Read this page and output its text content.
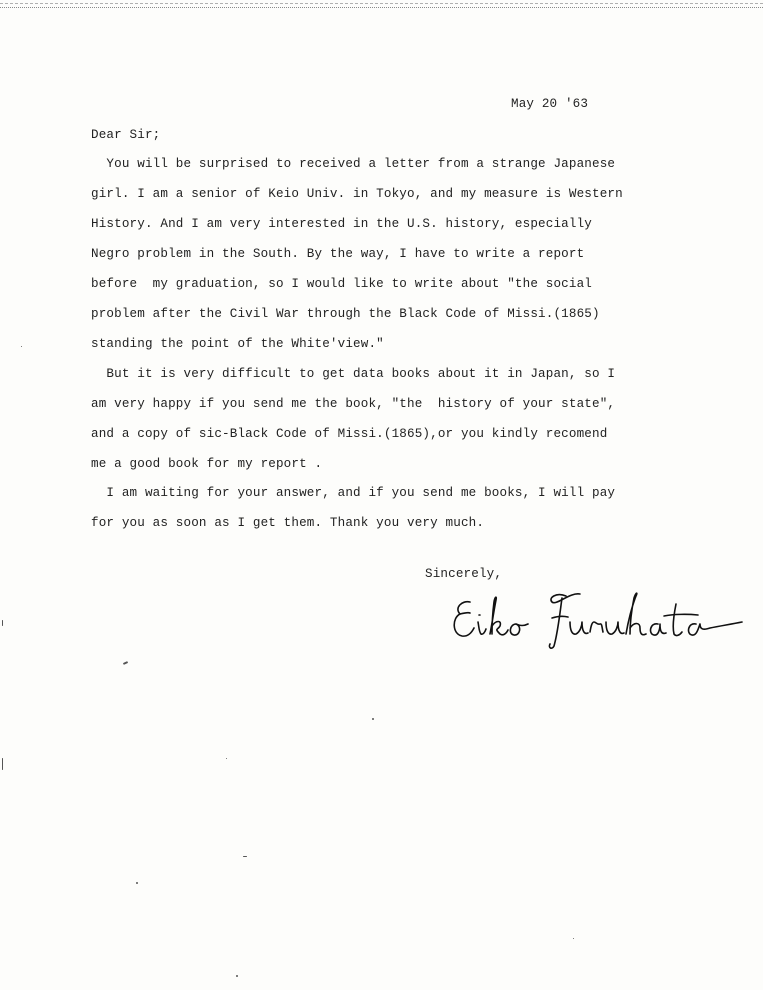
May 20 '63
Dear Sir;
You will be surprised to received a letter from a strange Japanese
girl. I am a senior of Keio Univ. in Tokyo, and my measure is Western
History. And I am very interested in the U.S. history, especially
Negro problem in the South. By the way, I have to write a report
before  my graduation, so I would like to write about "the social
problem after the Civil War through the Black Code of Missi.(1865)
standing the point of the White'view."
But it is very difficult to get data books about it in Japan, so I
am very happy if you send me the book, "the  history of your state",
and a copy of sic-Black Code of Missi.(1865),or you kindly recomend
me a good book for my report .
I am waiting for your answer, and if you send me books, I will pay
for you as soon as I get them. Thank you very much.
Sincerely,
